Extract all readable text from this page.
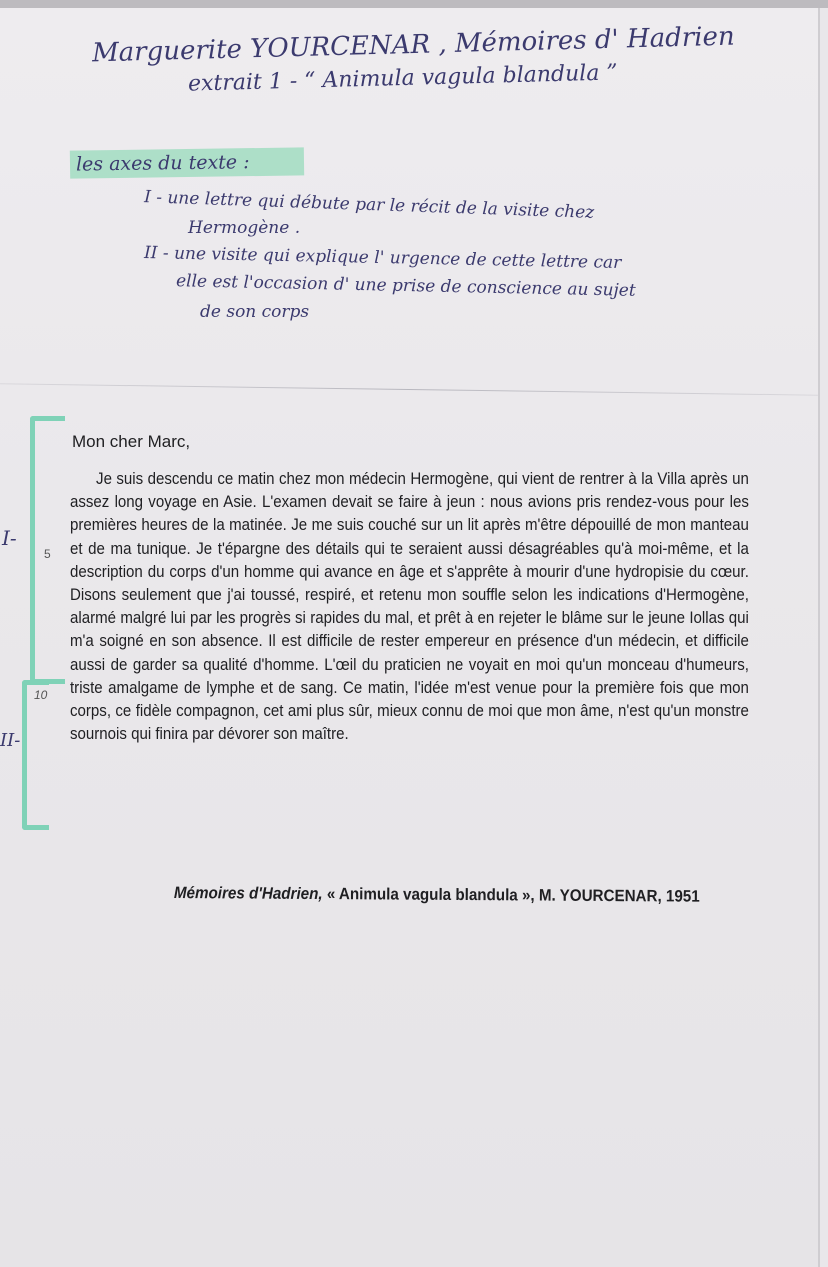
Marguerite YOURCENAR , Mémoires d' Hadrien
extrait 1 - “ Animula vagula blandula ”
les axes du texte :
I - une lettre qui débute par le récit de la visite chez
Hermogène .
II - une visite qui explique l' urgence de cette lettre car
elle est l'occasion d' une prise de conscience au sujet
de son corps
I-
II-
5
10
Mon cher Marc,
Je suis descendu ce matin chez mon médecin Hermogène, qui vient de rentrer à la Villa après un assez long voyage en Asie. L'examen devait se faire à jeun : nous avions pris rendez-vous pour les premières heures de la matinée. Je me suis couché sur un lit après m'être dépouillé de mon manteau et de ma tunique. Je t'épargne des détails qui te seraient aussi désagréables qu'à moi-même, et la description du corps d'un homme qui avance en âge et s'apprête à mourir d'une hydropisie du cœur. Disons seulement que j'ai toussé, respiré, et retenu mon souffle selon les indications d'Hermogène, alarmé malgré lui par les progrès si rapides du mal, et prêt à en rejeter le blâme sur le jeune Iollas qui m'a soigné en son absence. Il est difficile de rester empereur en présence d'un médecin, et difficile aussi de garder sa qualité d'homme. L'œil du praticien ne voyait en moi qu'un monceau d'humeurs, triste amalgame de lymphe et de sang. Ce matin, l'idée m'est venue pour la première fois que mon corps, ce fidèle compagnon, cet ami plus sûr, mieux connu de moi que mon âme, n'est qu'un monstre sournois qui finira par dévorer son maître.
Mémoires d'Hadrien, « Animula vagula blandula », M. YOURCENAR, 1951
